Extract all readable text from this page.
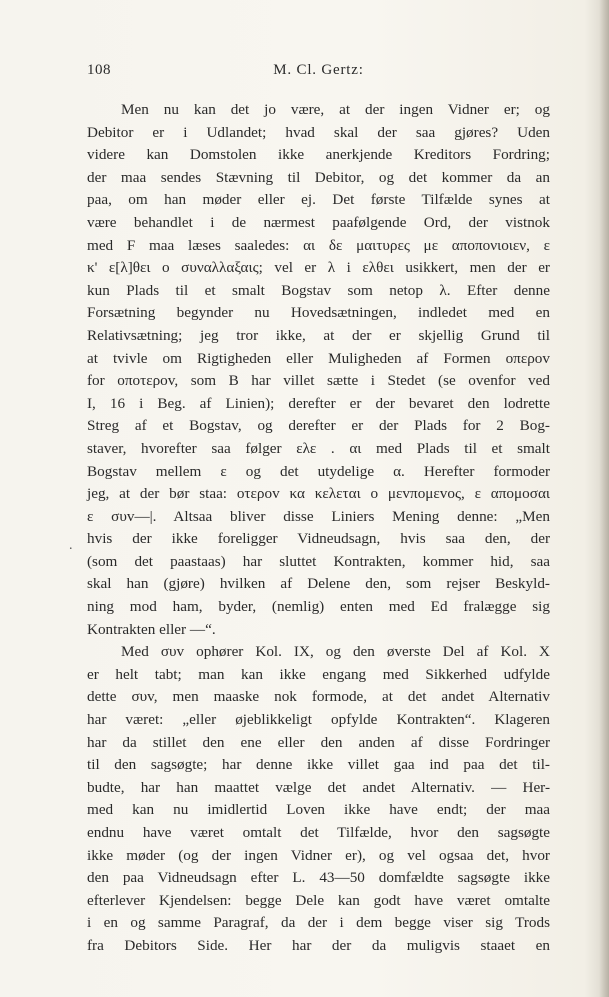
108	M. Cl. Gertz:
.
Men nu kan det jo være, at der ingen Vidner er; og
Debitor er i Udlandet; hvad skal der saa gjøres? Uden
videre kan Domstolen ikke anerkjende Kreditors Fordring;
der maa sendes Stævning til Debitor, og det kommer da an
paa, om han møder eller ej. Det første Tilfælde synes at
være behandlet i de nærmest paafølgende Ord, der vistnok
med F maa læses saaledes: αι δε μαιτυρες με αποπονιοιεν, ε
κ' ε[λ]θει ο συναλλαξαις; vel er λ i ελθει usikkert, men der er
kun Plads til et smalt Bogstav som netop λ. Efter denne
Forsætning begynder nu Hovedsætningen, indledet med en
Relativsætning; jeg tror ikke, at der er skjellig Grund til
at tvivle om Rigtigheden eller Muligheden af Formen οπεροv
for οποτεροv, som B har villet sætte i Stedet (se ovenfor ved
I, 16 i Beg. af Linien); derefter er der bevaret den lodrette
Streg af et Bogstav, og derefter er der Plads for 2 Bog-
staver, hvorefter saa følger ελε . αι med Plads til et smalt
Bogstav mellem ε og det utydelige α. Herefter formoder
jeg, at der bør staa: οτεροv κα κελεται ο μεvπομεvος, ε απομοσαι
ε συv—|. Altsaa bliver disse Liniers Mening denne: „Men
hvis der ikke foreligger Vidneudsagn, hvis saa den, der
(som det paastaas) har sluttet Kontrakten, kommer hid, saa
skal han (gjøre) hvilken af Delene den, som rejser Beskyld-
ning mod ham, byder, (nemlig) enten med Ed fralægge sig
Kontrakten eller —“.
Med συv ophører Kol. IX, og den øverste Del af Kol. X
er helt tabt; man kan ikke engang med Sikkerhed udfylde
dette συv, men maaske nok formode, at det andet Alternativ
har været: „eller øjeblikkeligt opfylde Kontrakten“. Klageren
har da stillet den ene eller den anden af disse Fordringer
til den sagsøgte; har denne ikke villet gaa ind paa det til-
budte, har han maattet vælge det andet Alternativ. — Her-
med kan nu imidlertid Loven ikke have endt; der maa
endnu have været omtalt det Tilfælde, hvor den sagsøgte
ikke møder (og der ingen Vidner er), og vel ogsaa det, hvor
den paa Vidneudsagn efter L. 43—50 domfældte sagsøgte ikke
efterlever Kjendelsen: begge Dele kan godt have været omtalte
i en og samme Paragraf, da der i dem begge viser sig Trods
fra Debitors Side. Her har der da muligvis staaet en
